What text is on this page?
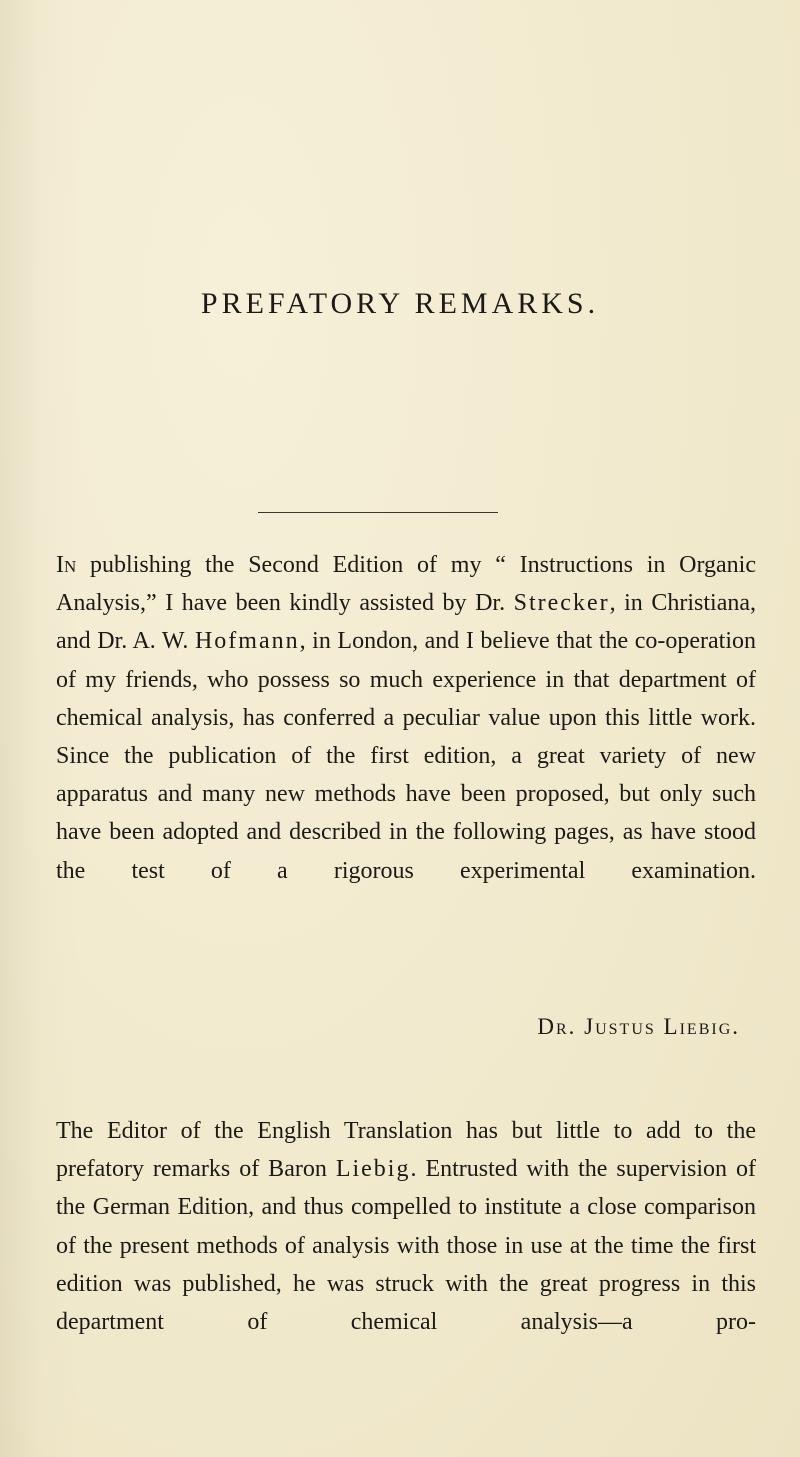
PREFATORY REMARKS.

In publishing the Second Edition of my “ Instructions in Organic Analysis,” I have been kindly assisted by Dr. Strecker, in Christiana, and Dr. A. W. Hofmann, in London, and I believe that the co-operation of my friends, who possess so much experience in that department of chemical analysis, has conferred a peculiar value upon this little work. Since the publication of the first edition, a great variety of new apparatus and many new methods have been proposed, but only such have been adopted and described in the following pages, as have stood the test of a rigorous experimental examination.

Dr. Justus Liebig.

The Editor of the English Translation has but little to add to the prefatory remarks of Baron Liebig. Entrusted with the supervision of the German Edition, and thus compelled to institute a close comparison of the present methods of analysis with those in use at the time the first edition was published, he was struck with the great progress in this department of chemical analysis—a pro-
